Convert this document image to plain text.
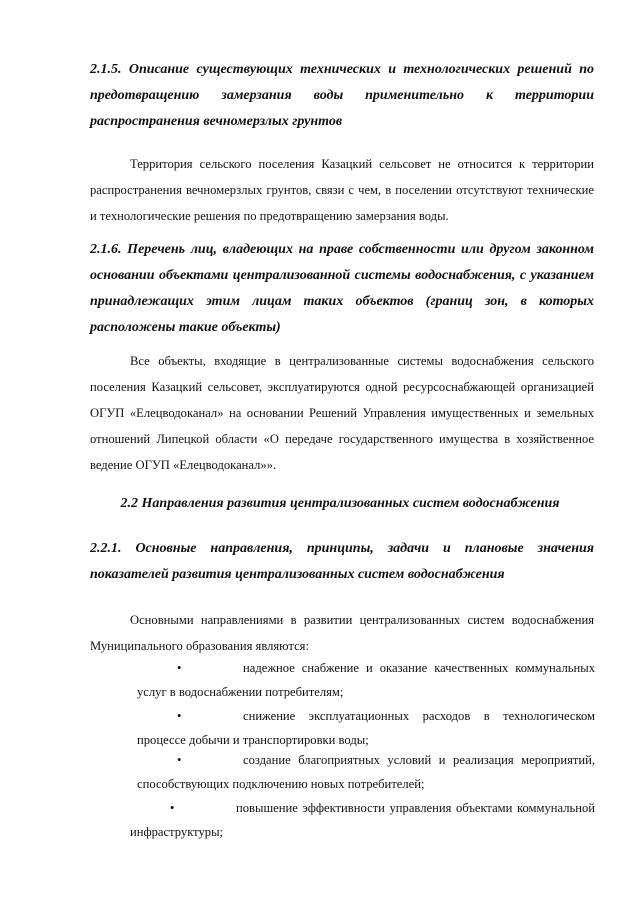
2.1.5. Описание существующих технических и технологических решений по предотвращению замерзания воды применительно к территории распространения вечномерзлых грунтов
Территория сельского поселения Казацкий сельсовет не относится к территории распространения вечномерзлых грунтов, связи с чем, в поселении отсутствуют технические и технологические решения по предотвращению замерзания воды.
2.1.6. Перечень лиц, владеющих на праве собственности или другом законном основании объектами централизованной системы водоснабжения, с указанием принадлежащих этим лицам таких объектов (границ зон, в которых расположены такие объекты)
Все объекты, входящие в централизованные системы водоснабжения сельского поселения Казацкий сельсовет, эксплуатируются одной ресурсоснабжающей организацией ОГУП «Елецводоканал» на основании Решений Управления имущественных и земельных отношений Липецкой области «О передаче государственного имущества в хозяйственное ведение ОГУП «Елецводоканал»».
2.2 Направления развития централизованных систем водоснабжения
2.2.1. Основные направления, принципы, задачи и плановые значения показателей развития централизованных систем водоснабжения
Основными направлениями в развитии централизованных систем водоснабжения Муниципального образования являются:
•	надежное снабжение и оказание качественных коммунальных услуг в водоснабжении потребителям;
•	снижение эксплуатационных расходов в технологическом процессе добычи и транспортировки воды;
•	создание благоприятных условий и реализация мероприятий, способствующих подключению новых потребителей;
•	повышение эффективности управления объектами коммунальной инфраструктуры;
